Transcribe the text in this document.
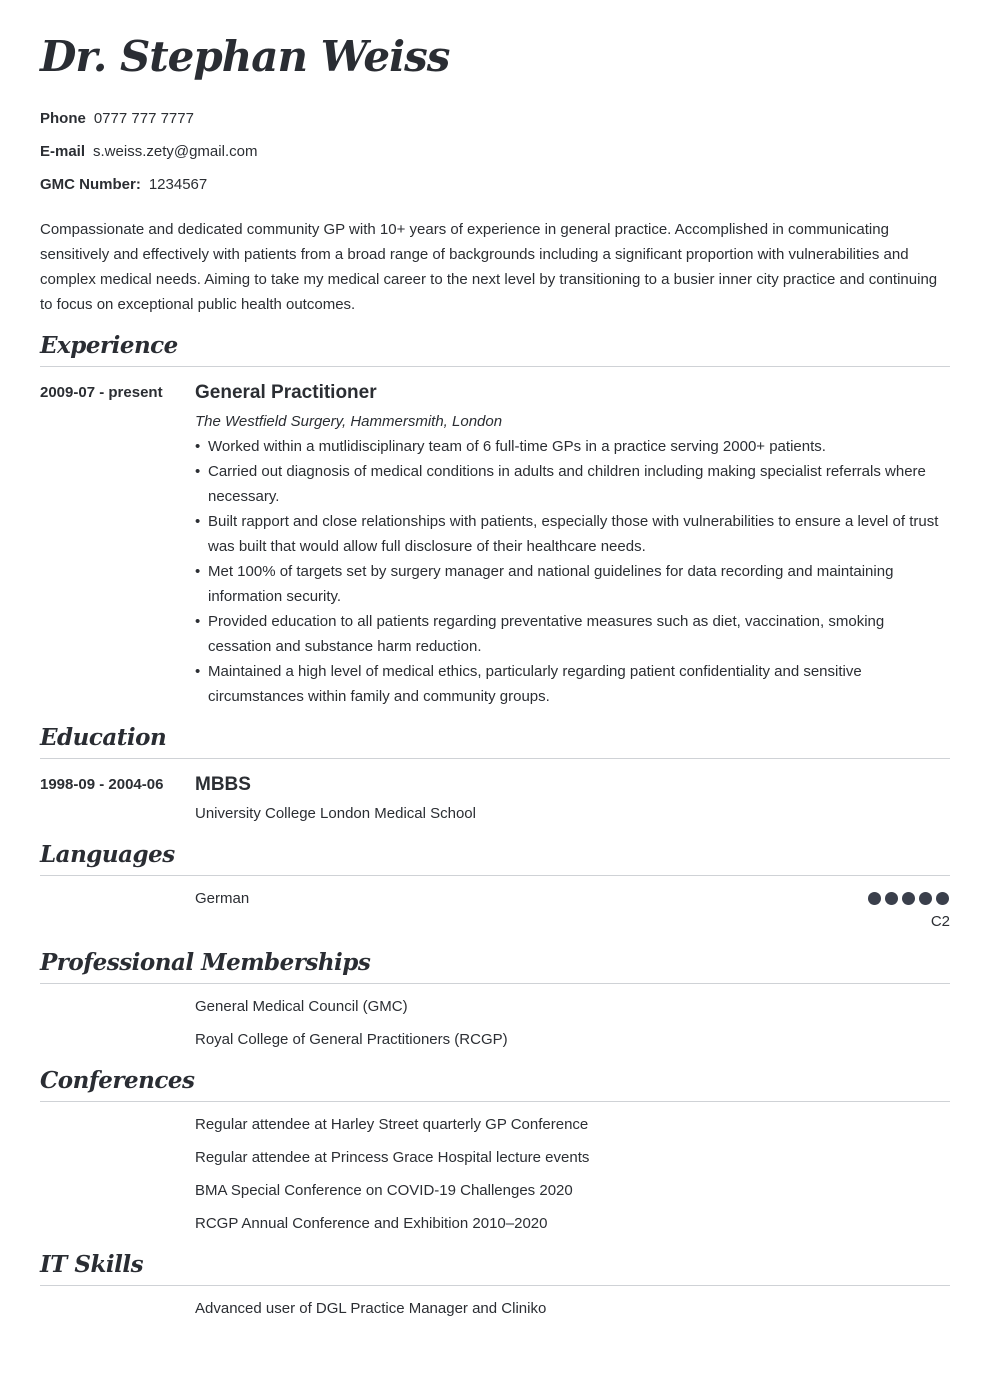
Dr. Stephan Weiss
Phone 0777 777 7777
E-mail s.weiss.zety@gmail.com
GMC Number: 1234567

Compassionate and dedicated community GP with 10+ years of experience in general practice. Accomplished in communicating sensitively and effectively with patients from a broad range of backgrounds including a significant proportion with vulnerabilities and complex medical needs. Aiming to take my medical career to the next level by transitioning to a busier inner city practice and continuing to focus on exceptional public health outcomes.

Experience
2009-07 - present General Practitioner
The Westfield Surgery, Hammersmith, London
• Worked within a mutlidisciplinary team of 6 full-time GPs in a practice serving 2000+ patients.
• Carried out diagnosis of medical conditions in adults and children including making specialist referrals where necessary.
• Built rapport and close relationships with patients, especially those with vulnerabilities to ensure a level of trust was built that would allow full disclosure of their healthcare needs.
• Met 100% of targets set by surgery manager and national guidelines for data recording and maintaining information security.
• Provided education to all patients regarding preventative measures such as diet, vaccination, smoking cessation and substance harm reduction.
• Maintained a high level of medical ethics, particularly regarding patient confidentiality and sensitive circumstances within family and community groups.
Education
1998-09 - 2004-06 MBBS
University College London Medical School
Languages
German
C2
Professional Memberships
General Medical Council (GMC)
Royal College of General Practitioners (RCGP)
Conferences
Regular attendee at Harley Street quarterly GP Conference
Regular attendee at Princess Grace Hospital lecture events
BMA Special Conference on COVID-19 Challenges 2020
RCGP Annual Conference and Exhibition 2010–2020
IT Skills
Advanced user of DGL Practice Manager and Cliniko
